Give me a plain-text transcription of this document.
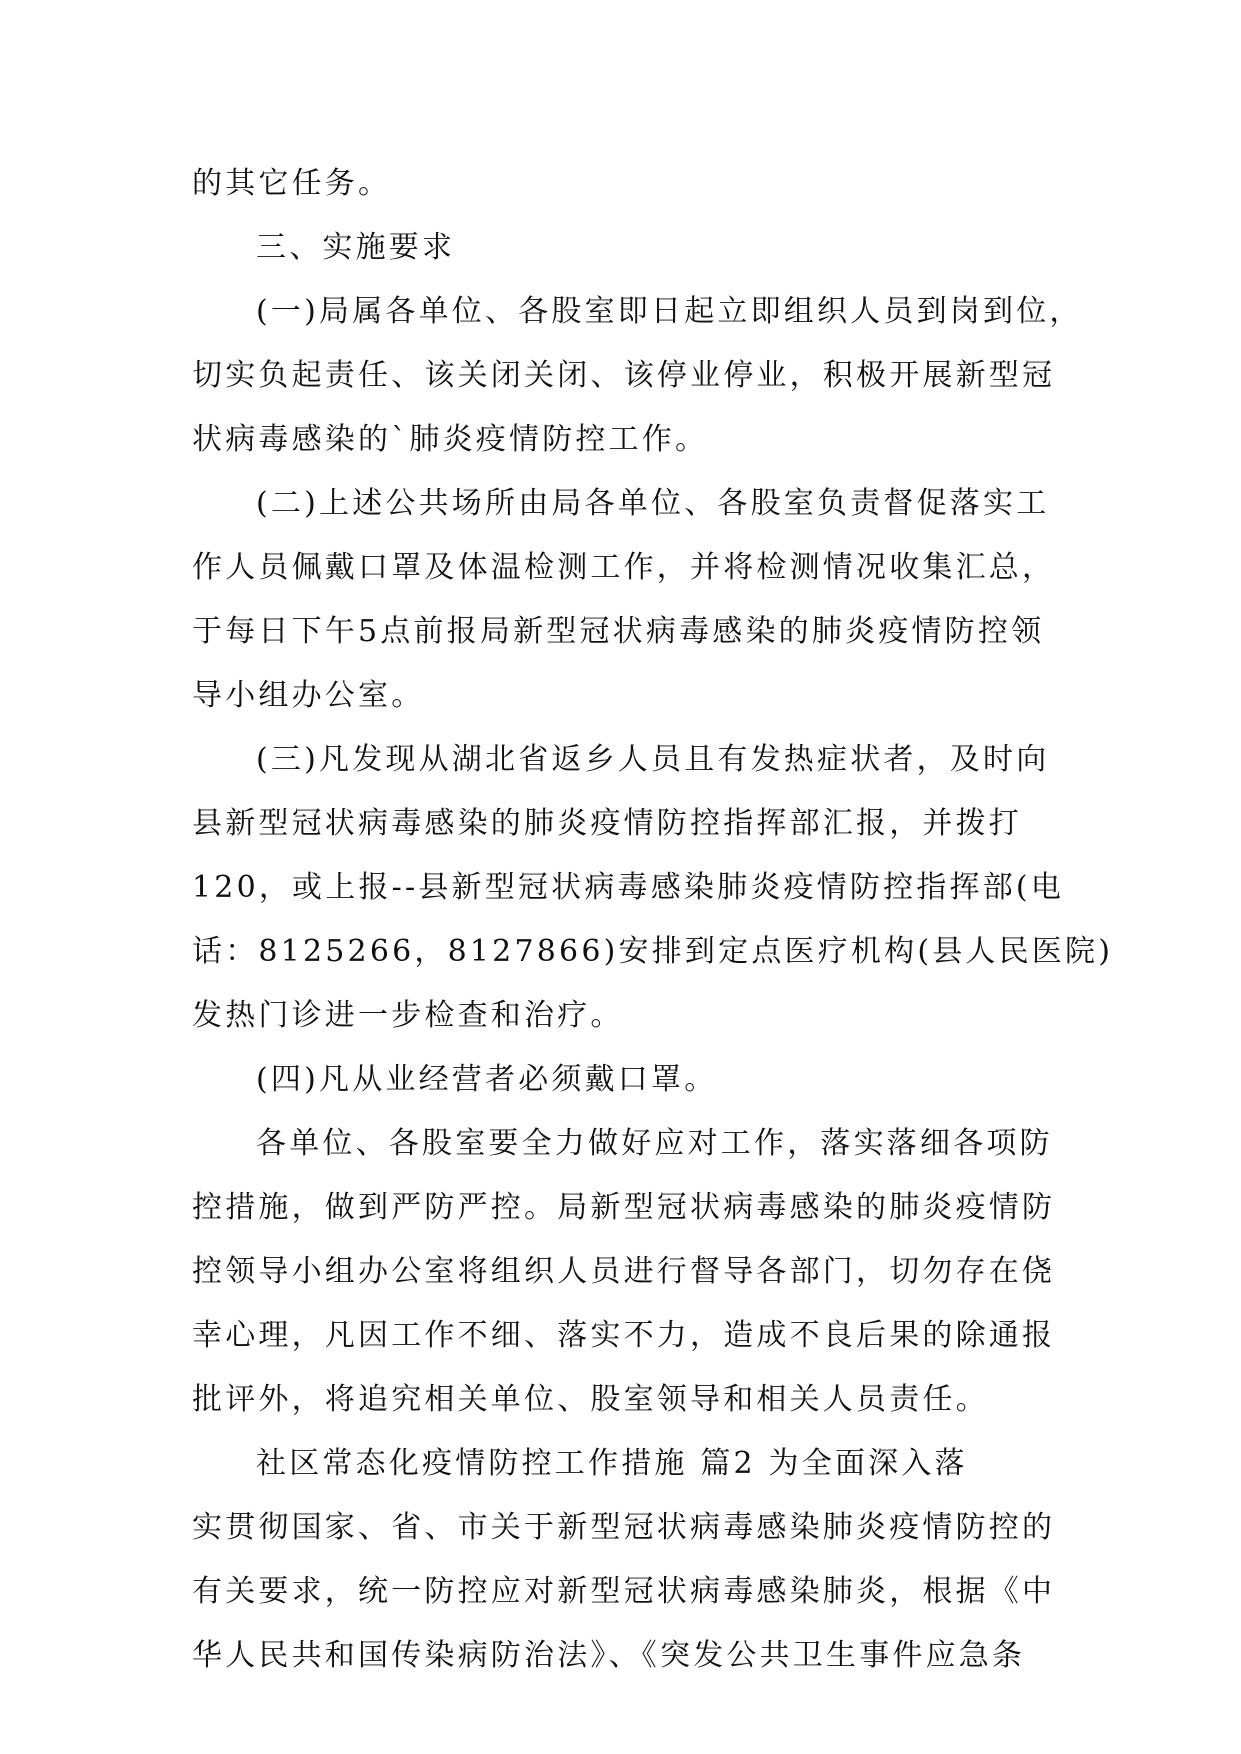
的其它任务。
三、实施要求
(一)局属各单位、各股室即日起立即组织人员到岗到位，
切实负起责任、该关闭关闭、该停业停业，积极开展新型冠
状病毒感染的`肺炎疫情防控工作。
(二)上述公共场所由局各单位、各股室负责督促落实工
作人员佩戴口罩及体温检测工作，并将检测情况收集汇总，
于每日下午5点前报局新型冠状病毒感染的肺炎疫情防控领
导小组办公室。
(三)凡发现从湖北省返乡人员且有发热症状者，及时向
县新型冠状病毒感染的肺炎疫情防控指挥部汇报，并拨打
120，或上报--县新型冠状病毒感染肺炎疫情防控指挥部(电
话：8125266，8127866)安排到定点医疗机构(县人民医院)
发热门诊进一步检查和治疗。
(四)凡从业经营者必须戴口罩。
各单位、各股室要全力做好应对工作，落实落细各项防
控措施，做到严防严控。局新型冠状病毒感染的肺炎疫情防
控领导小组办公室将组织人员进行督导各部门，切勿存在侥
幸心理，凡因工作不细、落实不力，造成不良后果的除通报
批评外，将追究相关单位、股室领导和相关人员责任。
社区常态化疫情防控工作措施 篇2 为全面深入落
实贯彻国家、省、市关于新型冠状病毒感染肺炎疫情防控的
有关要求，统一防控应对新型冠状病毒感染肺炎，根据《中
华人民共和国传染病防治法》、《突发公共卫生事件应急条
